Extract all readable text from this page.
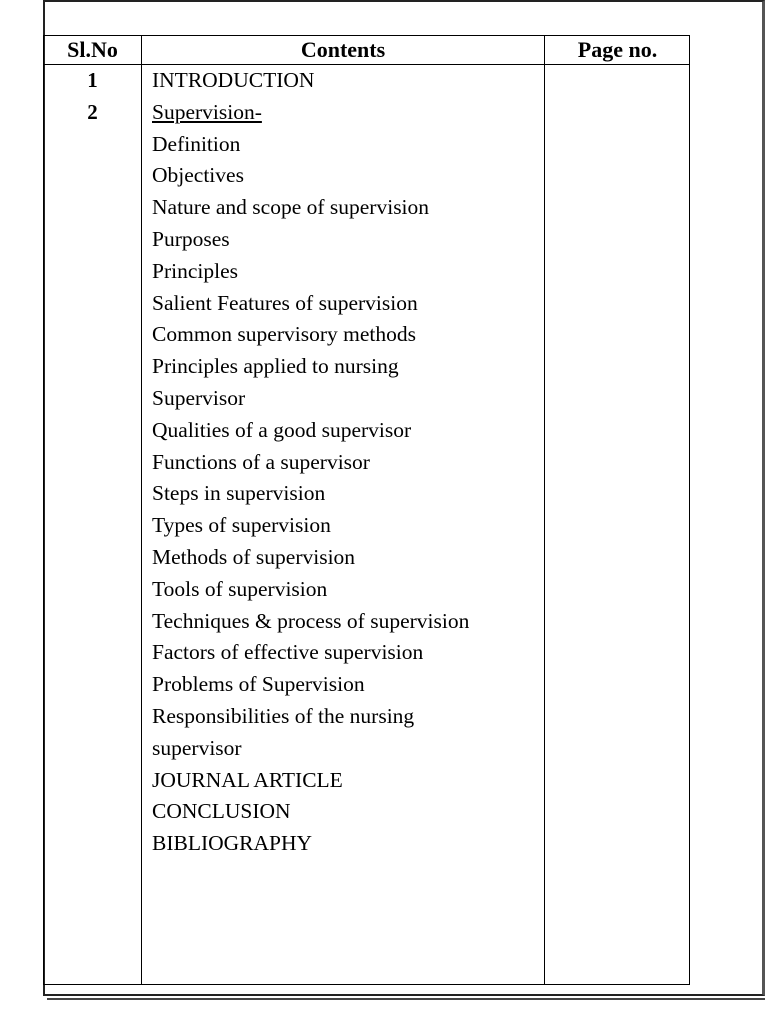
Sl.No	Contents	Page no.
1
2
INTRODUCTION
Supervision-
Definition
Objectives
Nature and scope of supervision
Purposes
Principles
Salient Features of supervision
Common supervisory methods
Principles applied to nursing
Supervisor
Qualities of a good supervisor
Functions of a supervisor
Steps in supervision
Types of supervision
Methods of supervision
Tools of supervision
Techniques & process of supervision
Factors of effective supervision
Problems of Supervision
Responsibilities of the nursing
supervisor
JOURNAL ARTICLE
CONCLUSION
BIBLIOGRAPHY
